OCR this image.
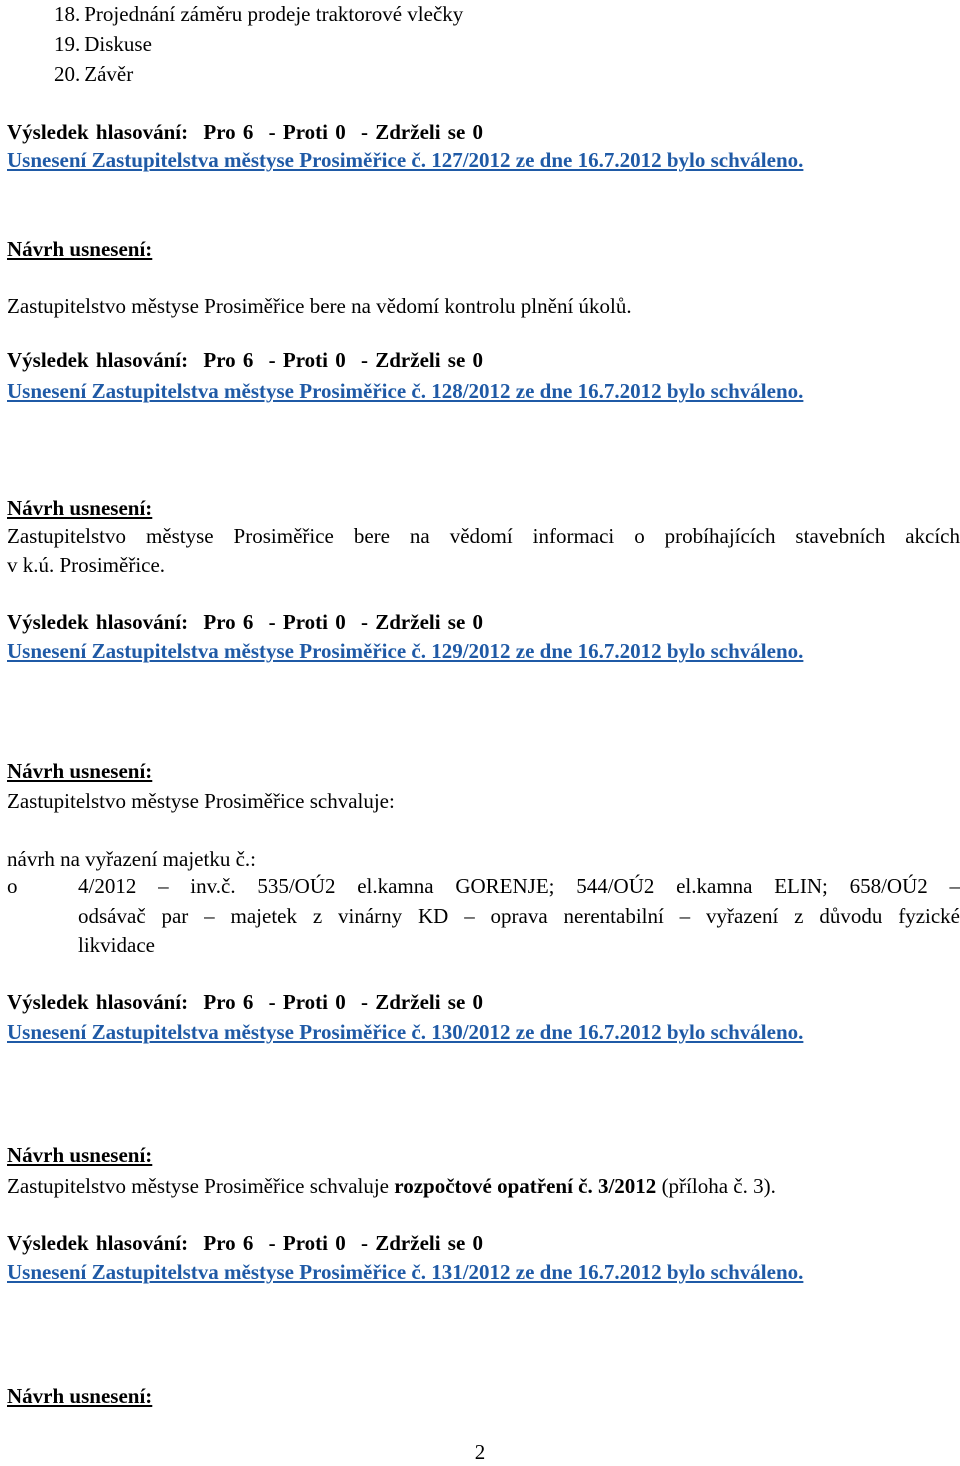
18. Projednání záměru prodeje traktorové vlečky
19. Diskuse
20. Závěr
Výsledek hlasování: Pro 6 - Proti 0 - Zdrželi se 0
Usnesení Zastupitelstva městyse Prosiměřice č. 127/2012 ze dne 16.7.2012 bylo schváleno.
Návrh usnesení:
Zastupitelstvo městyse Prosiměřice bere na vědomí kontrolu plnění úkolů.
Výsledek hlasování: Pro 6 - Proti 0 - Zdrželi se 0
Usnesení Zastupitelstva městyse Prosiměřice č. 128/2012 ze dne 16.7.2012 bylo schváleno.
Návrh usnesení:
Zastupitelstvo městyse Prosiměřice bere na vědomí informaci o probíhajících stavebních akcích
v k.ú. Prosiměřice.
Výsledek hlasování: Pro 6 - Proti 0 - Zdrželi se 0
Usnesení Zastupitelstva městyse Prosiměřice č. 129/2012 ze dne 16.7.2012 bylo schváleno.
Návrh usnesení:
Zastupitelstvo městyse Prosiměřice schvaluje:
návrh na vyřazení majetku č.:
o	4/2012 – inv.č. 535/OÚ2 el.kamna GORENJE; 544/OÚ2 el.kamna ELIN; 658/OÚ2 –
odsávač par – majetek z vinárny KD – oprava nerentabilní – vyřazení z důvodu fyzické
likvidace
Výsledek hlasování: Pro 6 - Proti 0 - Zdrželi se 0
Usnesení Zastupitelstva městyse Prosiměřice č. 130/2012 ze dne 16.7.2012 bylo schváleno.
Návrh usnesení:
Zastupitelstvo městyse Prosiměřice schvaluje rozpočtové opatření č. 3/2012 (příloha č. 3).
Výsledek hlasování: Pro 6 - Proti 0 - Zdrželi se 0
Usnesení Zastupitelstva městyse Prosiměřice č. 131/2012 ze dne 16.7.2012 bylo schváleno.
Návrh usnesení:
2
